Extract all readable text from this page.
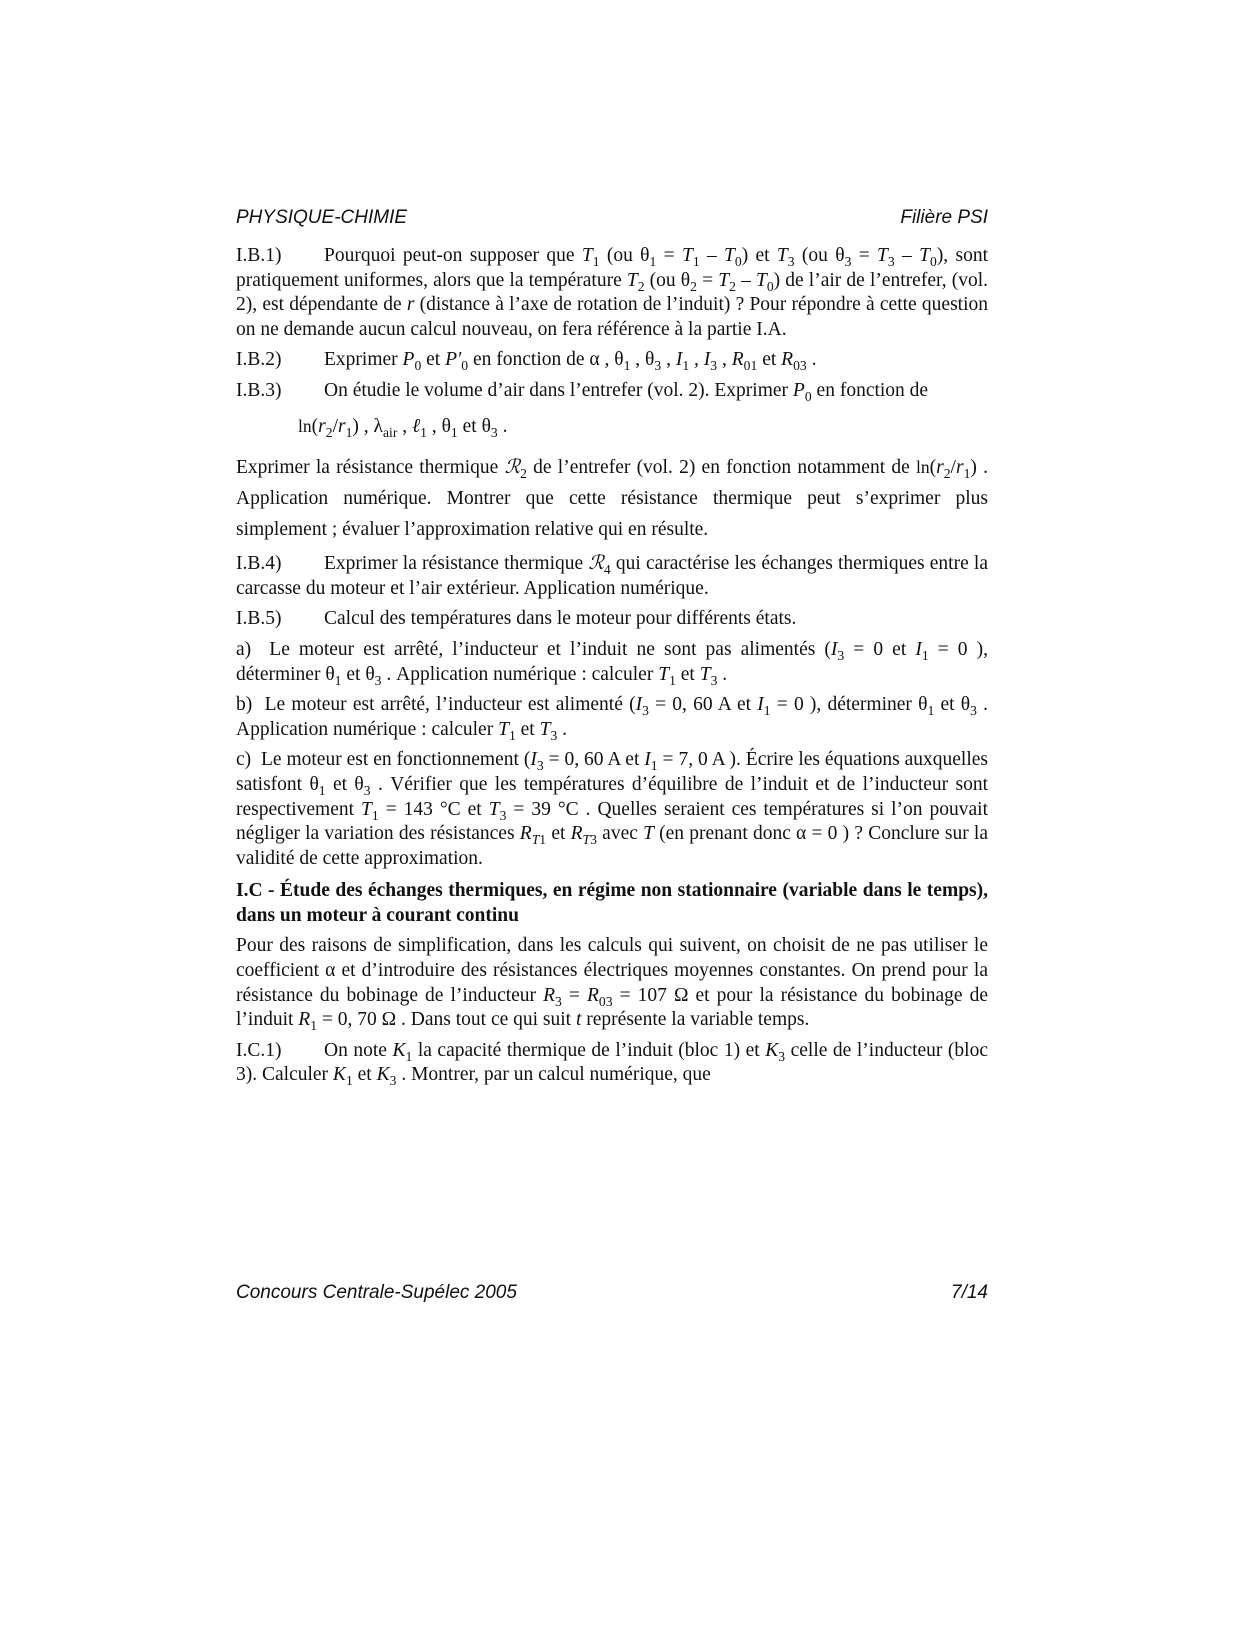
PHYSIQUE-CHIMIE	Filière PSI

I.B.1) Pourquoi peut-on supposer que $T_1$ (ou $\theta_1 = T_1 - T_0$) et $T_3$ (ou $\theta_3 = T_3 - T_0$), sont pratiquement uniformes, alors que la température $T_2$ (ou $\theta_2 = T_2 - T_0$) de l’air de l’entrefer, (vol. 2), est dépendante de r (distance à l’axe de rotation de l’induit) ? Pour répondre à cette question on ne demande aucun calcul nouveau, on fera référence à la partie I.A.

I.B.2) Exprimer $P_0$ et $P'_0$ en fonction de α , $\theta_1$ , $\theta_3$ , $I_1$ , $I_3$ , $R_{01}$ et $R_{03}$ .

I.B.3) On étudie le volume d’air dans l’entrefer (vol. 2). Exprimer $P_0$ en fonction de

$\ln(r_2/r_1)$ , $\lambda_{air}$ , ℓ$_1$ , $\theta_1$ et $\theta_3$ .

Exprimer la résistance thermique ℛ$_2$ de l’entrefer (vol. 2) en fonction notamment de $\ln(r_2/r_1)$ . Application numérique. Montrer que cette résistance thermique peut s’exprimer plus simplement ; évaluer l’approximation relative qui en résulte.

I.B.4) Exprimer la résistance thermique ℛ$_4$ qui caractérise les échanges thermiques entre la carcasse du moteur et l’air extérieur. Application numérique.

I.B.5) Calcul des températures dans le moteur pour différents états.

a)  Le moteur est arrêté, l’inducteur et l’induit ne sont pas alimentés ($I_3 = 0$ et $I_1 = 0$ ), déterminer $\theta_1$ et $\theta_3$ . Application numérique : calculer $T_1$ et $T_3$ .

b)  Le moteur est arrêté, l’inducteur est alimenté ($I_3 = 0$, 60 A et $I_1 = 0$ ), déterminer $\theta_1$ et $\theta_3$ . Application numérique : calculer $T_1$ et $T_3$ .

c)  Le moteur est en fonctionnement ($I_3 = 0$, 60 A et $I_1 = 7$, 0 A ). Écrire les équations auxquelles satisfont $\theta_1$ et $\theta_3$ . Vérifier que les températures d’équilibre de l’induit et de l’inducteur sont respectivement $T_1 = 143$ °C et $T_3 = 39$ °C . Quelles seraient ces températures si l’on pouvait négliger la variation des résistances $R_{T1}$ et $R_{T3}$ avec T (en prenant donc α = 0 ) ? Conclure sur la validité de cette approximation.

I.C - Étude des échanges thermiques, en régime non stationnaire (variable dans le temps), dans un moteur à courant continu

Pour des raisons de simplification, dans les calculs qui suivent, on choisit de ne pas utiliser le coefficient α et d’introduire des résistances électriques moyennes constantes. On prend pour la résistance du bobinage de l’inducteur $R_3 = R_{03} = 107$ Ω et pour la résistance du bobinage de l’induit $R_1 = 0$, 70 Ω . Dans tout ce qui suit t représente la variable temps.

I.C.1) On note $K_1$ la capacité thermique de l’induit (bloc 1) et $K_3$ celle de l’inducteur (bloc 3). Calculer $K_1$ et $K_3$ . Montrer, par un calcul numérique, que

Concours Centrale-Supélec 2005	7/14
